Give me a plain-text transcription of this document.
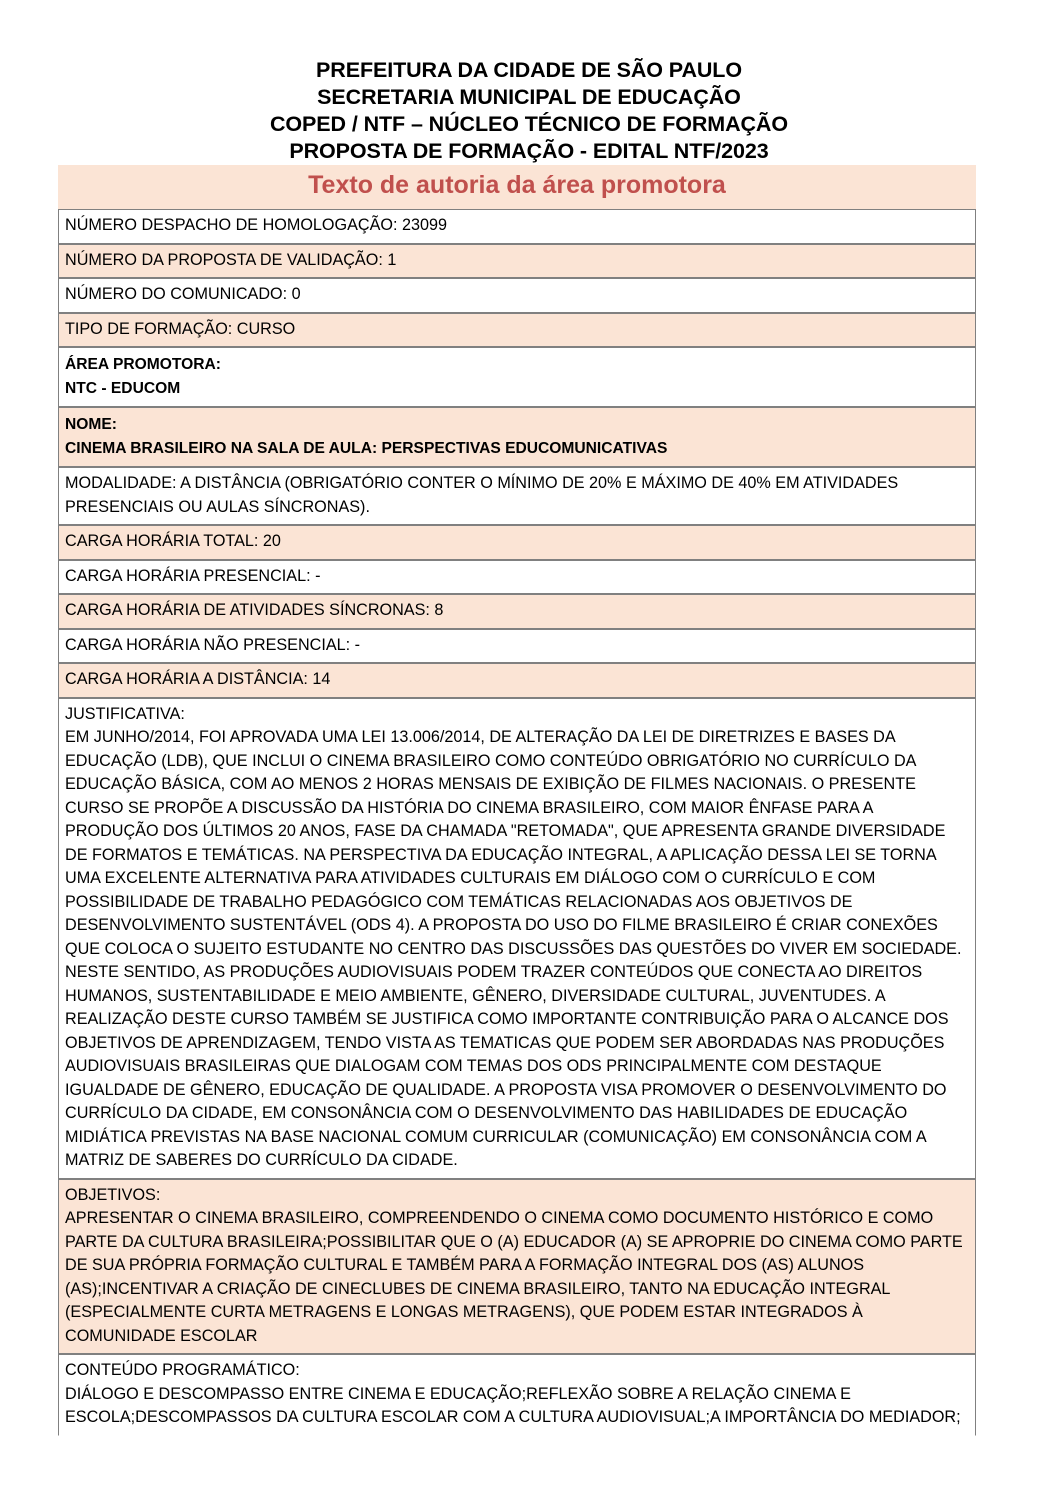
PREFEITURA DA CIDADE DE SÃO PAULO
SECRETARIA MUNICIPAL DE EDUCAÇÃO
COPED / NTF – NÚCLEO TÉCNICO DE FORMAÇÃO
PROPOSTA DE FORMAÇÃO - EDITAL NTF/2023
Texto de autoria da área promotora
NÚMERO DESPACHO DE HOMOLOGAÇÃO: 23099
NÚMERO DA PROPOSTA DE VALIDAÇÃO: 1
NÚMERO DO COMUNICADO: 0
TIPO DE FORMAÇÃO: CURSO

ÁREA PROMOTORA:
NTC - EDUCOM

NOME:
CINEMA BRASILEIRO NA SALA DE AULA: PERSPECTIVAS EDUCOMUNICATIVAS

MODALIDADE: A DISTÂNCIA (OBRIGATÓRIO CONTER O MÍNIMO DE 20% E MÁXIMO DE 40% EM ATIVIDADES PRESENCIAIS OU AULAS SÍNCRONAS).
CARGA HORÁRIA TOTAL: 20
CARGA HORÁRIA PRESENCIAL: -
CARGA HORÁRIA DE ATIVIDADES SÍNCRONAS: 8
CARGA HORÁRIA NÃO PRESENCIAL: -
CARGA HORÁRIA A DISTÂNCIA: 14

JUSTIFICATIVA:
EM JUNHO/2014, FOI APROVADA UMA LEI 13.006/2014, DE ALTERAÇÃO DA LEI DE DIRETRIZES E BASES DA EDUCAÇÃO (LDB), QUE INCLUI O CINEMA BRASILEIRO COMO CONTEÚDO OBRIGATÓRIO NO CURRÍCULO DA EDUCAÇÃO BÁSICA, COM AO MENOS 2 HORAS MENSAIS DE EXIBIÇÃO DE FILMES NACIONAIS. O PRESENTE CURSO SE PROPÕE A DISCUSSÃO DA HISTÓRIA DO CINEMA BRASILEIRO, COM MAIOR ÊNFASE PARA A PRODUÇÃO DOS ÚLTIMOS 20 ANOS, FASE DA CHAMADA "RETOMADA", QUE APRESENTA GRANDE DIVERSIDADE DE FORMATOS E TEMÁTICAS. NA PERSPECTIVA DA EDUCAÇÃO INTEGRAL, A APLICAÇÃO DESSA LEI SE TORNA UMA EXCELENTE ALTERNATIVA PARA ATIVIDADES CULTURAIS EM DIÁLOGO COM O CURRÍCULO E COM POSSIBILIDADE DE TRABALHO PEDAGÓGICO COM TEMÁTICAS RELACIONADAS AOS OBJETIVOS DE DESENVOLVIMENTO SUSTENTÁVEL (ODS 4). A PROPOSTA DO USO DO FILME BRASILEIRO É CRIAR CONEXÕES QUE COLOCA O SUJEITO ESTUDANTE NO CENTRO DAS DISCUSSÕES DAS QUESTÕES DO VIVER EM SOCIEDADE. NESTE SENTIDO, AS PRODUÇÕES AUDIOVISUAIS PODEM TRAZER CONTEÚDOS QUE CONECTA AO DIREITOS HUMANOS, SUSTENTABILIDADE E MEIO AMBIENTE, GÊNERO, DIVERSIDADE CULTURAL, JUVENTUDES. A REALIZAÇÃO DESTE CURSO TAMBÉM SE JUSTIFICA COMO IMPORTANTE CONTRIBUIÇÃO PARA O ALCANCE DOS OBJETIVOS DE APRENDIZAGEM, TENDO VISTA AS TEMATICAS QUE PODEM SER ABORDADAS NAS PRODUÇÕES AUDIOVISUAIS BRASILEIRAS QUE DIALOGAM COM TEMAS DOS ODS PRINCIPALMENTE COM DESTAQUE IGUALDADE DE GÊNERO, EDUCAÇÃO DE QUALIDADE. A PROPOSTA VISA PROMOVER O DESENVOLVIMENTO DO CURRÍCULO DA CIDADE, EM CONSONÂNCIA COM O DESENVOLVIMENTO DAS HABILIDADES DE EDUCAÇÃO MIDIÁTICA PREVISTAS NA BASE NACIONAL COMUM CURRICULAR (COMUNICAÇÃO) EM CONSONÂNCIA COM A MATRIZ DE SABERES DO CURRÍCULO DA CIDADE.

OBJETIVOS:
APRESENTAR O CINEMA BRASILEIRO, COMPREENDENDO O CINEMA COMO DOCUMENTO HISTÓRICO E COMO PARTE DA CULTURA BRASILEIRA;POSSIBILITAR QUE O (A) EDUCADOR (A) SE APROPRIE DO CINEMA COMO PARTE DE SUA PRÓPRIA FORMAÇÃO CULTURAL E TAMBÉM PARA A FORMAÇÃO INTEGRAL DOS (AS) ALUNOS (AS);INCENTIVAR A CRIAÇÃO DE CINECLUBES DE CINEMA BRASILEIRO, TANTO NA EDUCAÇÃO INTEGRAL (ESPECIALMENTE CURTA METRAGENS E LONGAS METRAGENS), QUE PODEM ESTAR INTEGRADOS À COMUNIDADE ESCOLAR

CONTEÚDO PROGRAMÁTICO:
DIÁLOGO E DESCOMPASSO ENTRE CINEMA E EDUCAÇÃO;REFLEXÃO SOBRE A RELAÇÃO CINEMA E ESCOLA;DESCOMPASSOS DA CULTURA ESCOLAR COM A CULTURA AUDIOVISUAL;A IMPORTÂNCIA DO MEDIADOR;
